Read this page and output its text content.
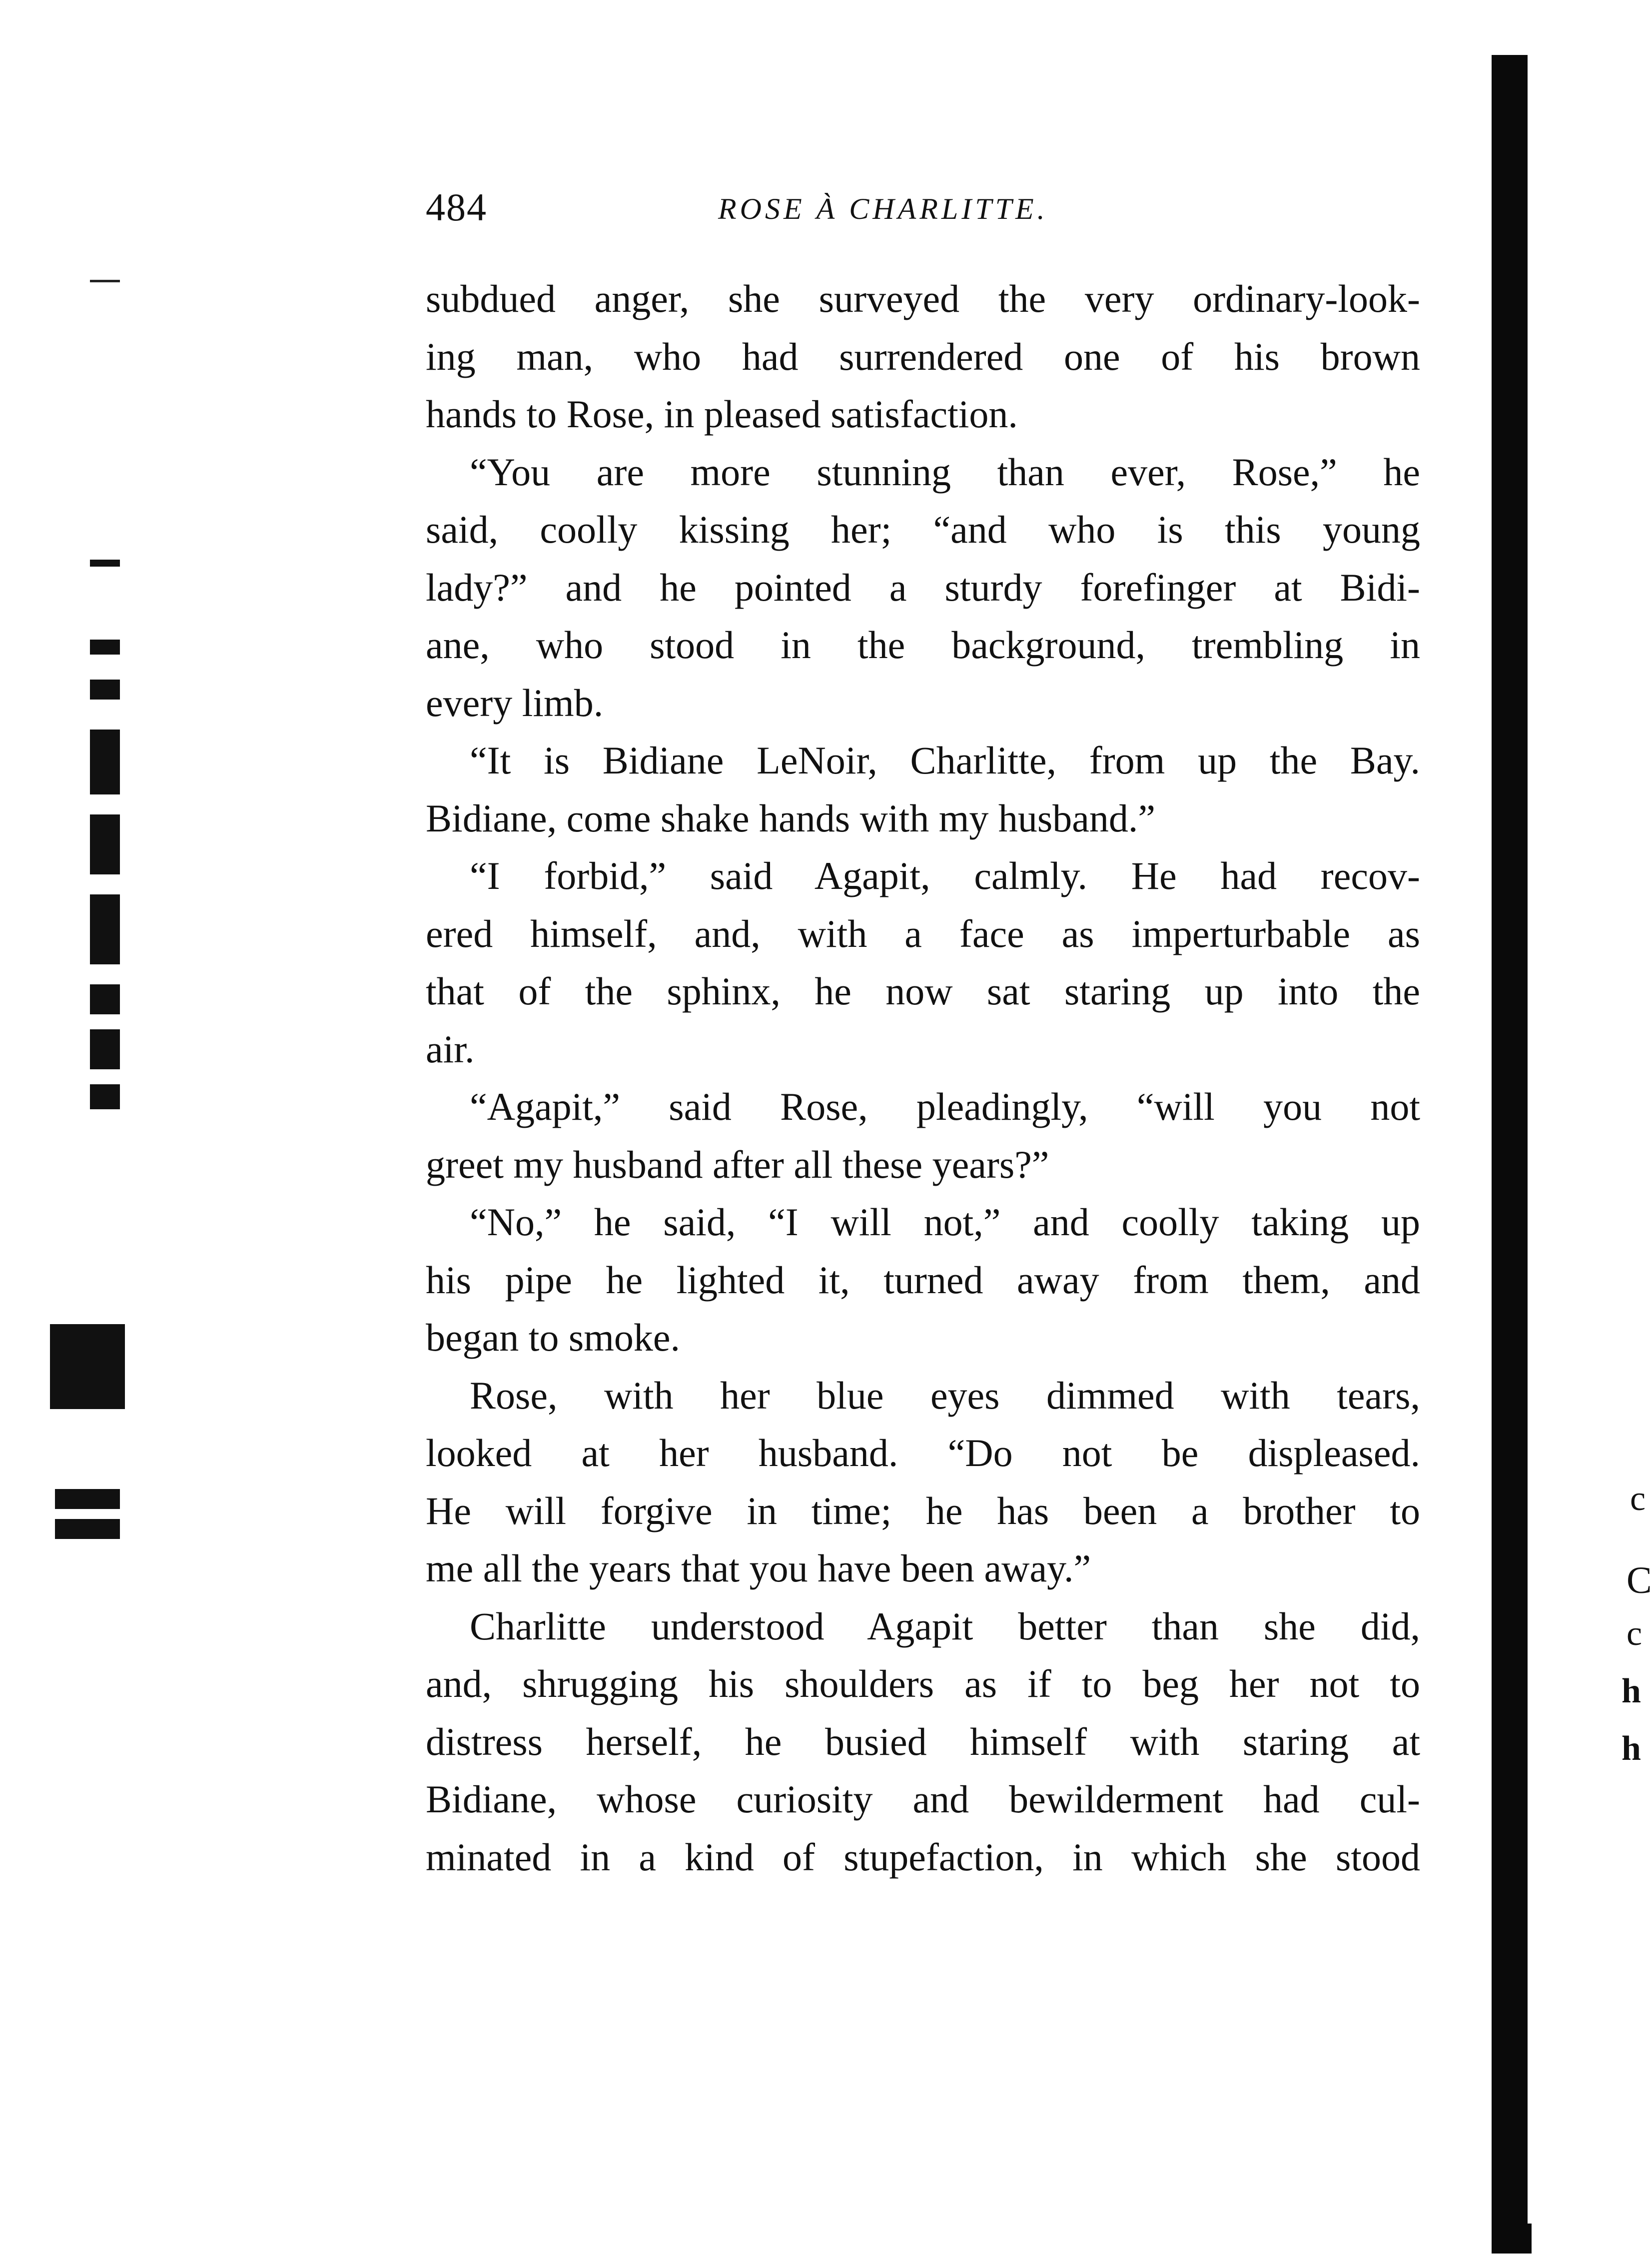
484	ROSE À CHARLITTE.
subdued anger, she surveyed the very ordinary-look-
ing man, who had surrendered one of his brown
hands to Rose, in pleased satisfaction.
“You are more stunning than ever, Rose,” he
said, coolly kissing her; “and who is this young
lady?” and he pointed a sturdy forefinger at Bidi-
ane, who stood in the background, trembling in
every limb.
“It is Bidiane LeNoir, Charlitte, from up the Bay.
Bidiane, come shake hands with my husband.”
“I forbid,” said Agapit, calmly. He had recov-
ered himself, and, with a face as imperturbable as
that of the sphinx, he now sat staring up into the
air.
“Agapit,” said Rose, pleadingly, “will you not
greet my husband after all these years?”
“No,” he said, “I will not,” and coolly taking up
his pipe he lighted it, turned away from them, and
began to smoke.
Rose, with her blue eyes dimmed with tears,
looked at her husband. “Do not be displeased.
He will forgive in time; he has been a brother to
me all the years that you have been away.”
Charlitte understood Agapit better than she did,
and, shrugging his shoulders as if to beg her not to
distress herself, he busied himself with staring at
Bidiane, whose curiosity and bewilderment had cul-
minated in a kind of stupefaction, in which she stood
c
C
c
h
h
